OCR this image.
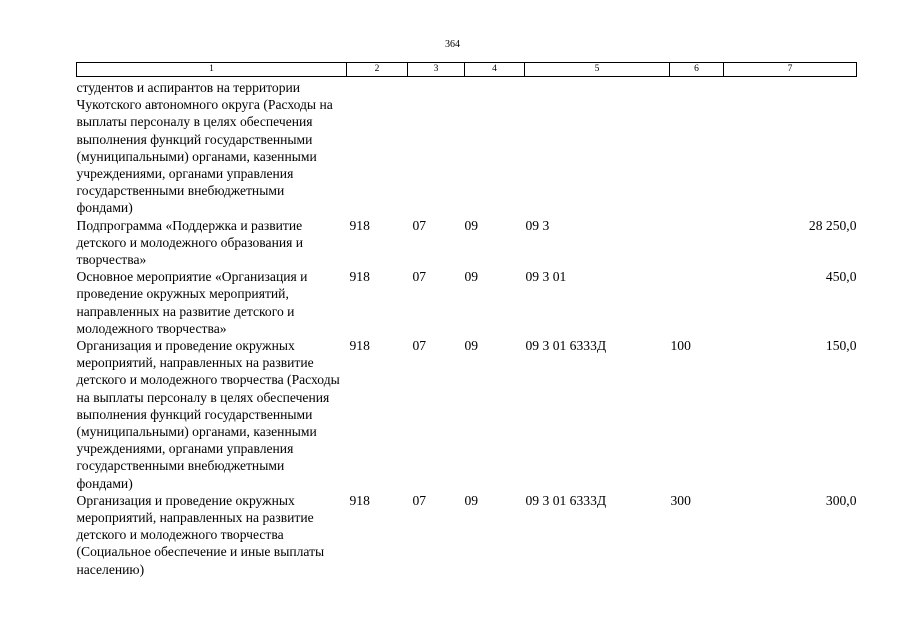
364
1	2	3	4	5	6	7
студентов и аспирантов на территории Чукотского автономного округа (Расходы на выплаты персоналу в целях обеспечения выполнения функций государственными (муниципальными) органами, казенными учреждениями, органами управления государственными внебюджетными фондами)						
Подпрограмма «Поддержка и развитие детского и молодежного образования и творчества»	918	07	09	09 3		28 250,0
Основное мероприятие «Организация и проведение окружных мероприятий, направленных на развитие детского и молодежного творчества»	918	07	09	09 3 01		450,0
Организация и проведение окружных мероприятий, направленных на развитие детского и молодежного творчества (Расходы на выплаты персоналу в целях обеспечения выполнения функций государственными (муниципальными) органами, казенными учреждениями, органами управления государственными внебюджетными фондами)	918	07	09	09 3 01 6333Д	100	150,0
Организация и проведение окружных мероприятий, направленных на развитие детского и молодежного творчества (Социальное обеспечение и иные выплаты населению)	918	07	09	09 3 01 6333Д	300	300,0
